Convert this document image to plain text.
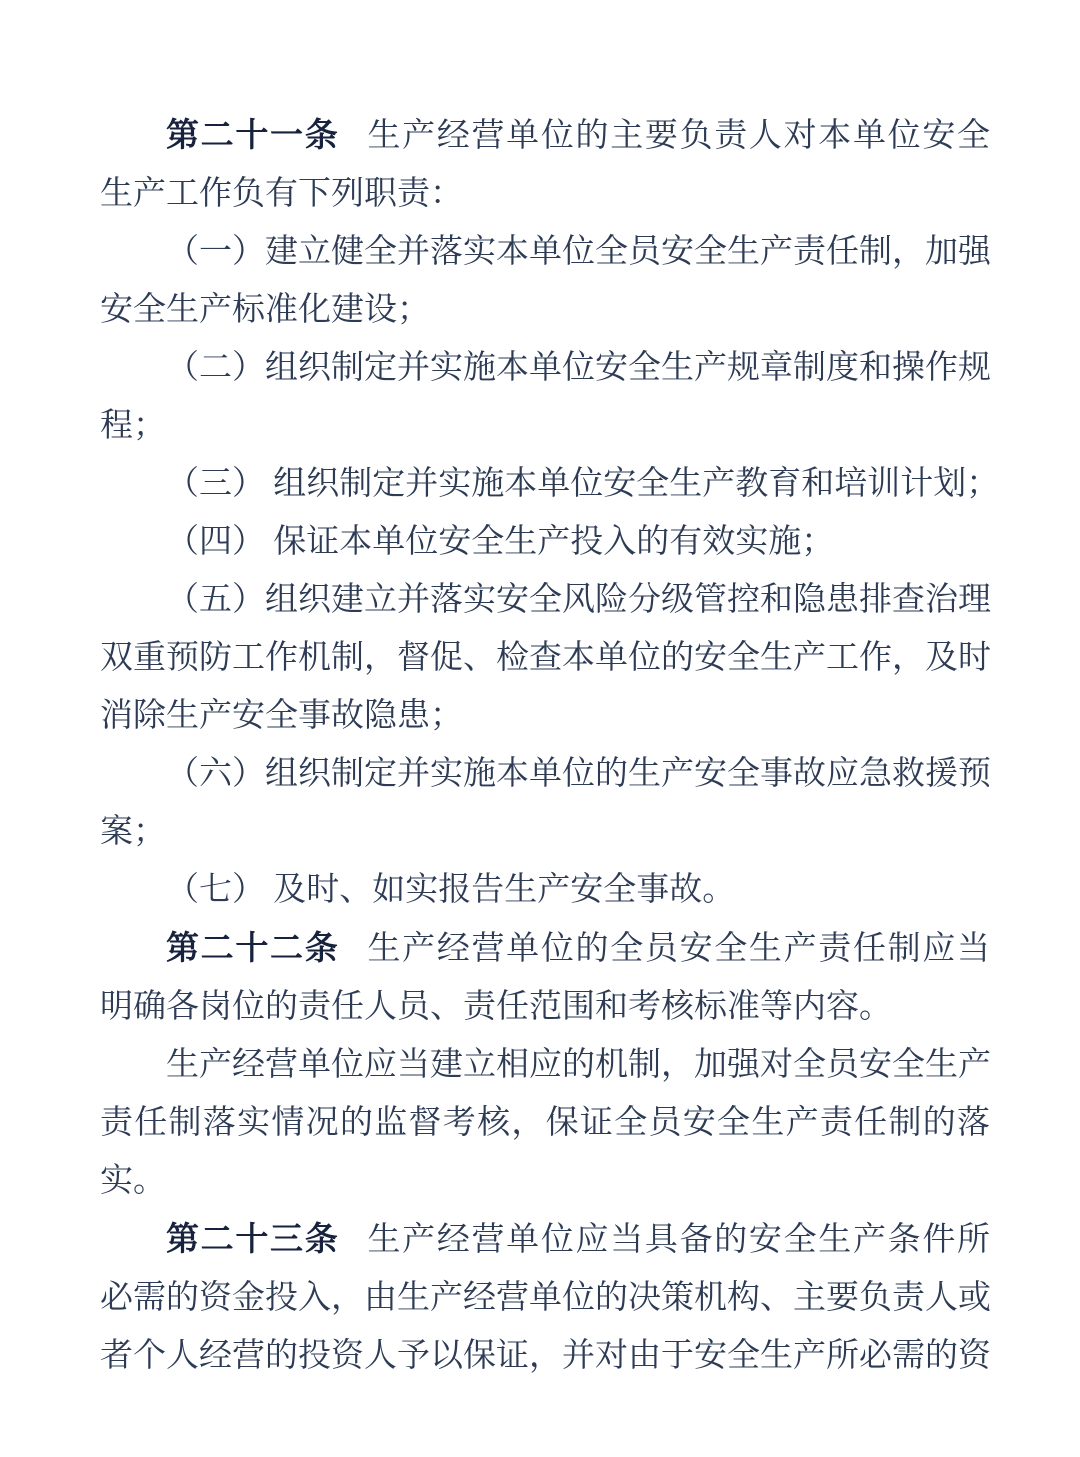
第二十一条 生产经营单位的主要负责人对本单位安全
生产工作负有下列职责：
（一）建立健全并落实本单位全员安全生产责任制，加强
安全生产标准化建设；
（二）组织制定并实施本单位安全生产规章制度和操作规
程；
（三） 组织制定并实施本单位安全生产教育和培训计划；
（四） 保证本单位安全生产投入的有效实施；
（五）组织建立并落实安全风险分级管控和隐患排查治理
双重预防工作机制，督促、检查本单位的安全生产工作，及时
消除生产安全事故隐患；
（六）组织制定并实施本单位的生产安全事故应急救援预
案；
（七） 及时、如实报告生产安全事故。
第二十二条 生产经营单位的全员安全生产责任制应当
明确各岗位的责任人员、责任范围和考核标准等内容。
生产经营单位应当建立相应的机制，加强对全员安全生产
责任制落实情况的监督考核，保证全员安全生产责任制的落
实。
第二十三条 生产经营单位应当具备的安全生产条件所
必需的资金投入，由生产经营单位的决策机构、主要负责人或
者个人经营的投资人予以保证，并对由于安全生产所必需的资
